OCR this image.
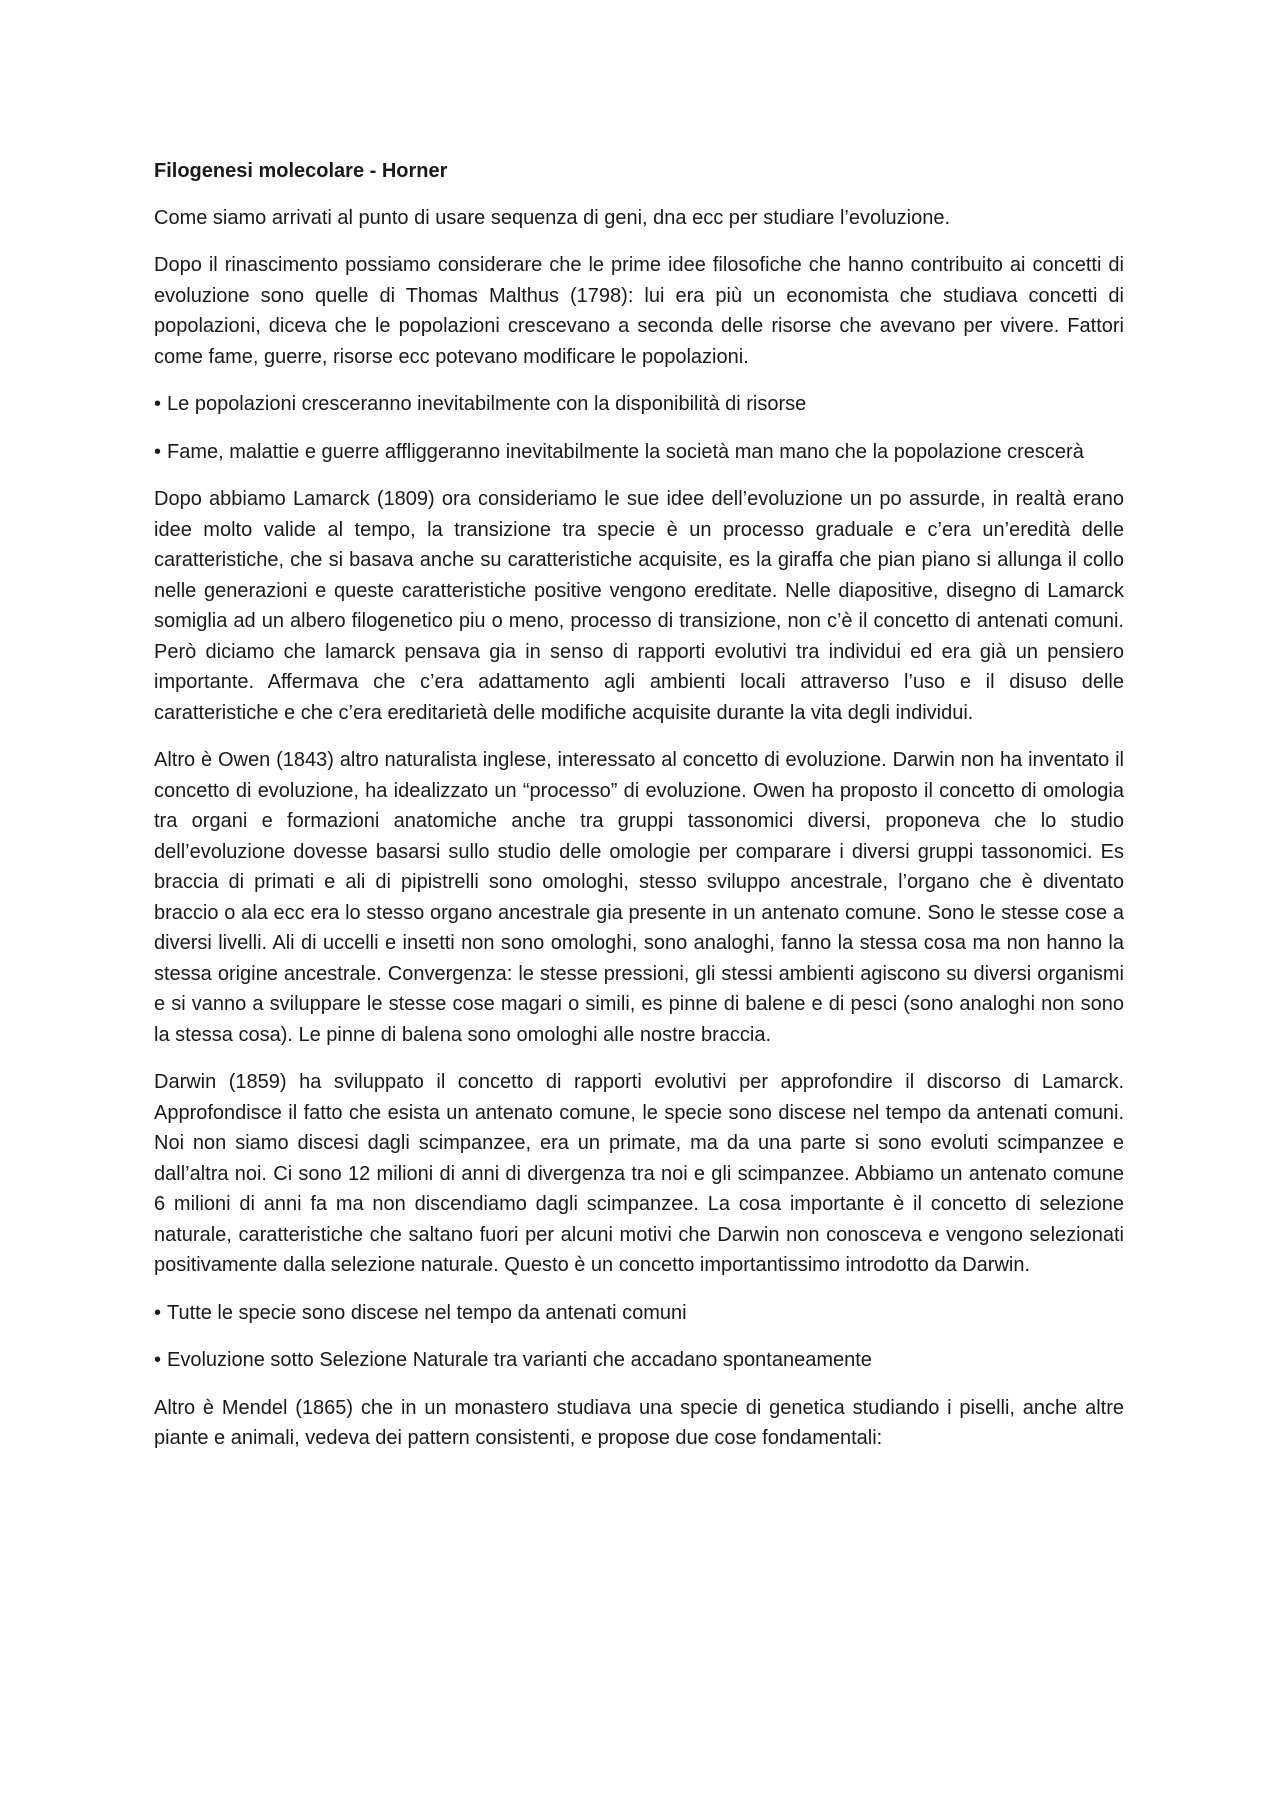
Filogenesi molecolare - Horner

Come siamo arrivati al punto di usare sequenza di geni, dna ecc per studiare l’evoluzione.

Dopo il rinascimento possiamo considerare che le prime idee filosofiche che hanno contribuito ai concetti di evoluzione sono quelle di Thomas Malthus (1798): lui era più un economista che studiava concetti di popolazioni, diceva che le popolazioni crescevano a seconda delle risorse che avevano per vivere. Fattori come fame, guerre, risorse ecc potevano modificare le popolazioni.

• Le popolazioni cresceranno inevitabilmente con la disponibilità di risorse

• Fame, malattie e guerre affliggeranno inevitabilmente la società man mano che la popolazione crescerà

Dopo abbiamo Lamarck (1809) ora consideriamo le sue idee dell’evoluzione un po assurde, in realtà erano idee molto valide al tempo, la transizione tra specie è un processo graduale e c’era un’eredità delle caratteristiche, che si basava anche su caratteristiche acquisite, es la giraffa che pian piano si allunga il collo nelle generazioni e queste caratteristiche positive vengono ereditate. Nelle diapositive, disegno di Lamarck somiglia ad un albero filogenetico piu o meno, processo di transizione, non c’è il concetto di antenati comuni. Però diciamo che lamarck pensava gia in senso di rapporti evolutivi tra individui ed era già un pensiero importante. Affermava che c’era adattamento agli ambienti locali attraverso l’uso e il disuso delle caratteristiche e che c’era ereditarietà delle modifiche acquisite durante la vita degli individui.

Altro è Owen (1843) altro naturalista inglese, interessato al concetto di evoluzione. Darwin non ha inventato il concetto di evoluzione, ha idealizzato un “processo” di evoluzione. Owen ha proposto il concetto di omologia tra organi e formazioni anatomiche anche tra gruppi tassonomici diversi, proponeva che lo studio dell’evoluzione dovesse basarsi sullo studio delle omologie per comparare i diversi gruppi tassonomici. Es braccia di primati e ali di pipistrelli sono omologhi, stesso sviluppo ancestrale, l’organo che è diventato braccio o ala ecc era lo stesso organo ancestrale gia presente in un antenato comune. Sono le stesse cose a diversi livelli. Ali di uccelli e insetti non sono omologhi, sono analoghi, fanno la stessa cosa ma non hanno la stessa origine ancestrale. Convergenza: le stesse pressioni, gli stessi ambienti agiscono su diversi organismi e si vanno a sviluppare le stesse cose magari o simili, es pinne di balene e di pesci (sono analoghi non sono la stessa cosa). Le pinne di balena sono omologhi alle nostre braccia.

Darwin (1859) ha sviluppato il concetto di rapporti evolutivi per approfondire il discorso di Lamarck. Approfondisce il fatto che esista un antenato comune, le specie sono discese nel tempo da antenati comuni. Noi non siamo discesi dagli scimpanzee, era un primate, ma da una parte si sono evoluti scimpanzee e dall’altra noi. Ci sono 12 milioni di anni di divergenza tra noi e gli scimpanzee. Abbiamo un antenato comune 6 milioni di anni fa ma non discendiamo dagli scimpanzee. La cosa importante è il concetto di selezione naturale, caratteristiche che saltano fuori per alcuni motivi che Darwin non conosceva e vengono selezionati positivamente dalla selezione naturale. Questo è un concetto importantissimo introdotto da Darwin.

• Tutte le specie sono discese nel tempo da antenati comuni

• Evoluzione sotto Selezione Naturale tra varianti che accadano spontaneamente

Altro è Mendel (1865) che in un monastero studiava una specie di genetica studiando i piselli, anche altre piante e animali, vedeva dei pattern consistenti, e propose due cose fondamentali:
